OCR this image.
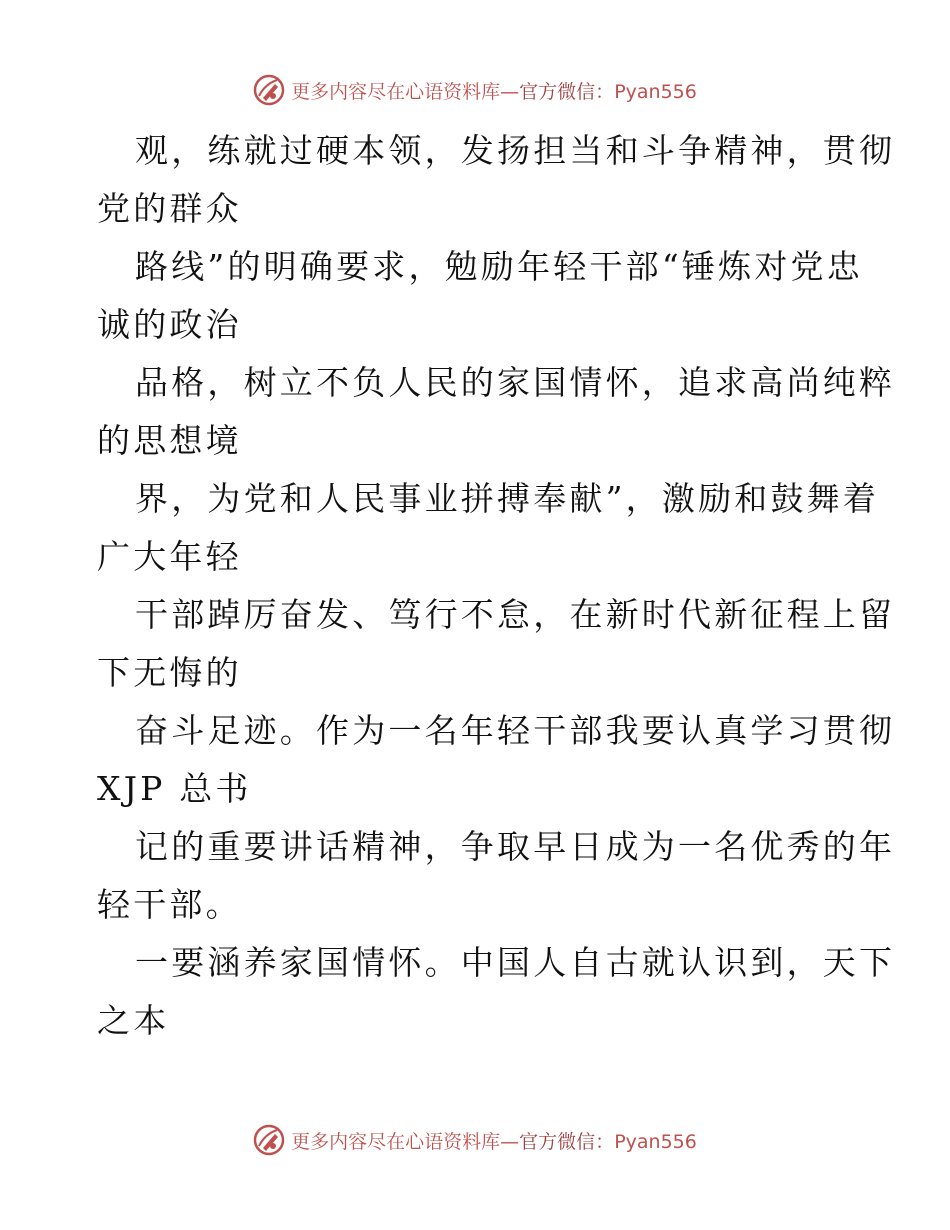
更多内容尽在心语资料库—官方微信：Pyan556
观，练就过硬本领，发扬担当和斗争精神，贯彻
党的群众
路线”的明确要求，勉励年轻干部“锤炼对党忠
诚的政治
品格，树立不负人民的家国情怀，追求高尚纯粹
的思想境
界，为党和人民事业拼搏奉献”，激励和鼓舞着
广大年轻
干部踔厉奋发、笃行不怠，在新时代新征程上留
下无悔的
奋斗足迹。作为一名年轻干部我要认真学习贯彻
XJP 总书
记的重要讲话精神，争取早日成为一名优秀的年
轻干部。
一要涵养家国情怀。中国人自古就认识到，天下
之本
更多内容尽在心语资料库—官方微信：Pyan556
